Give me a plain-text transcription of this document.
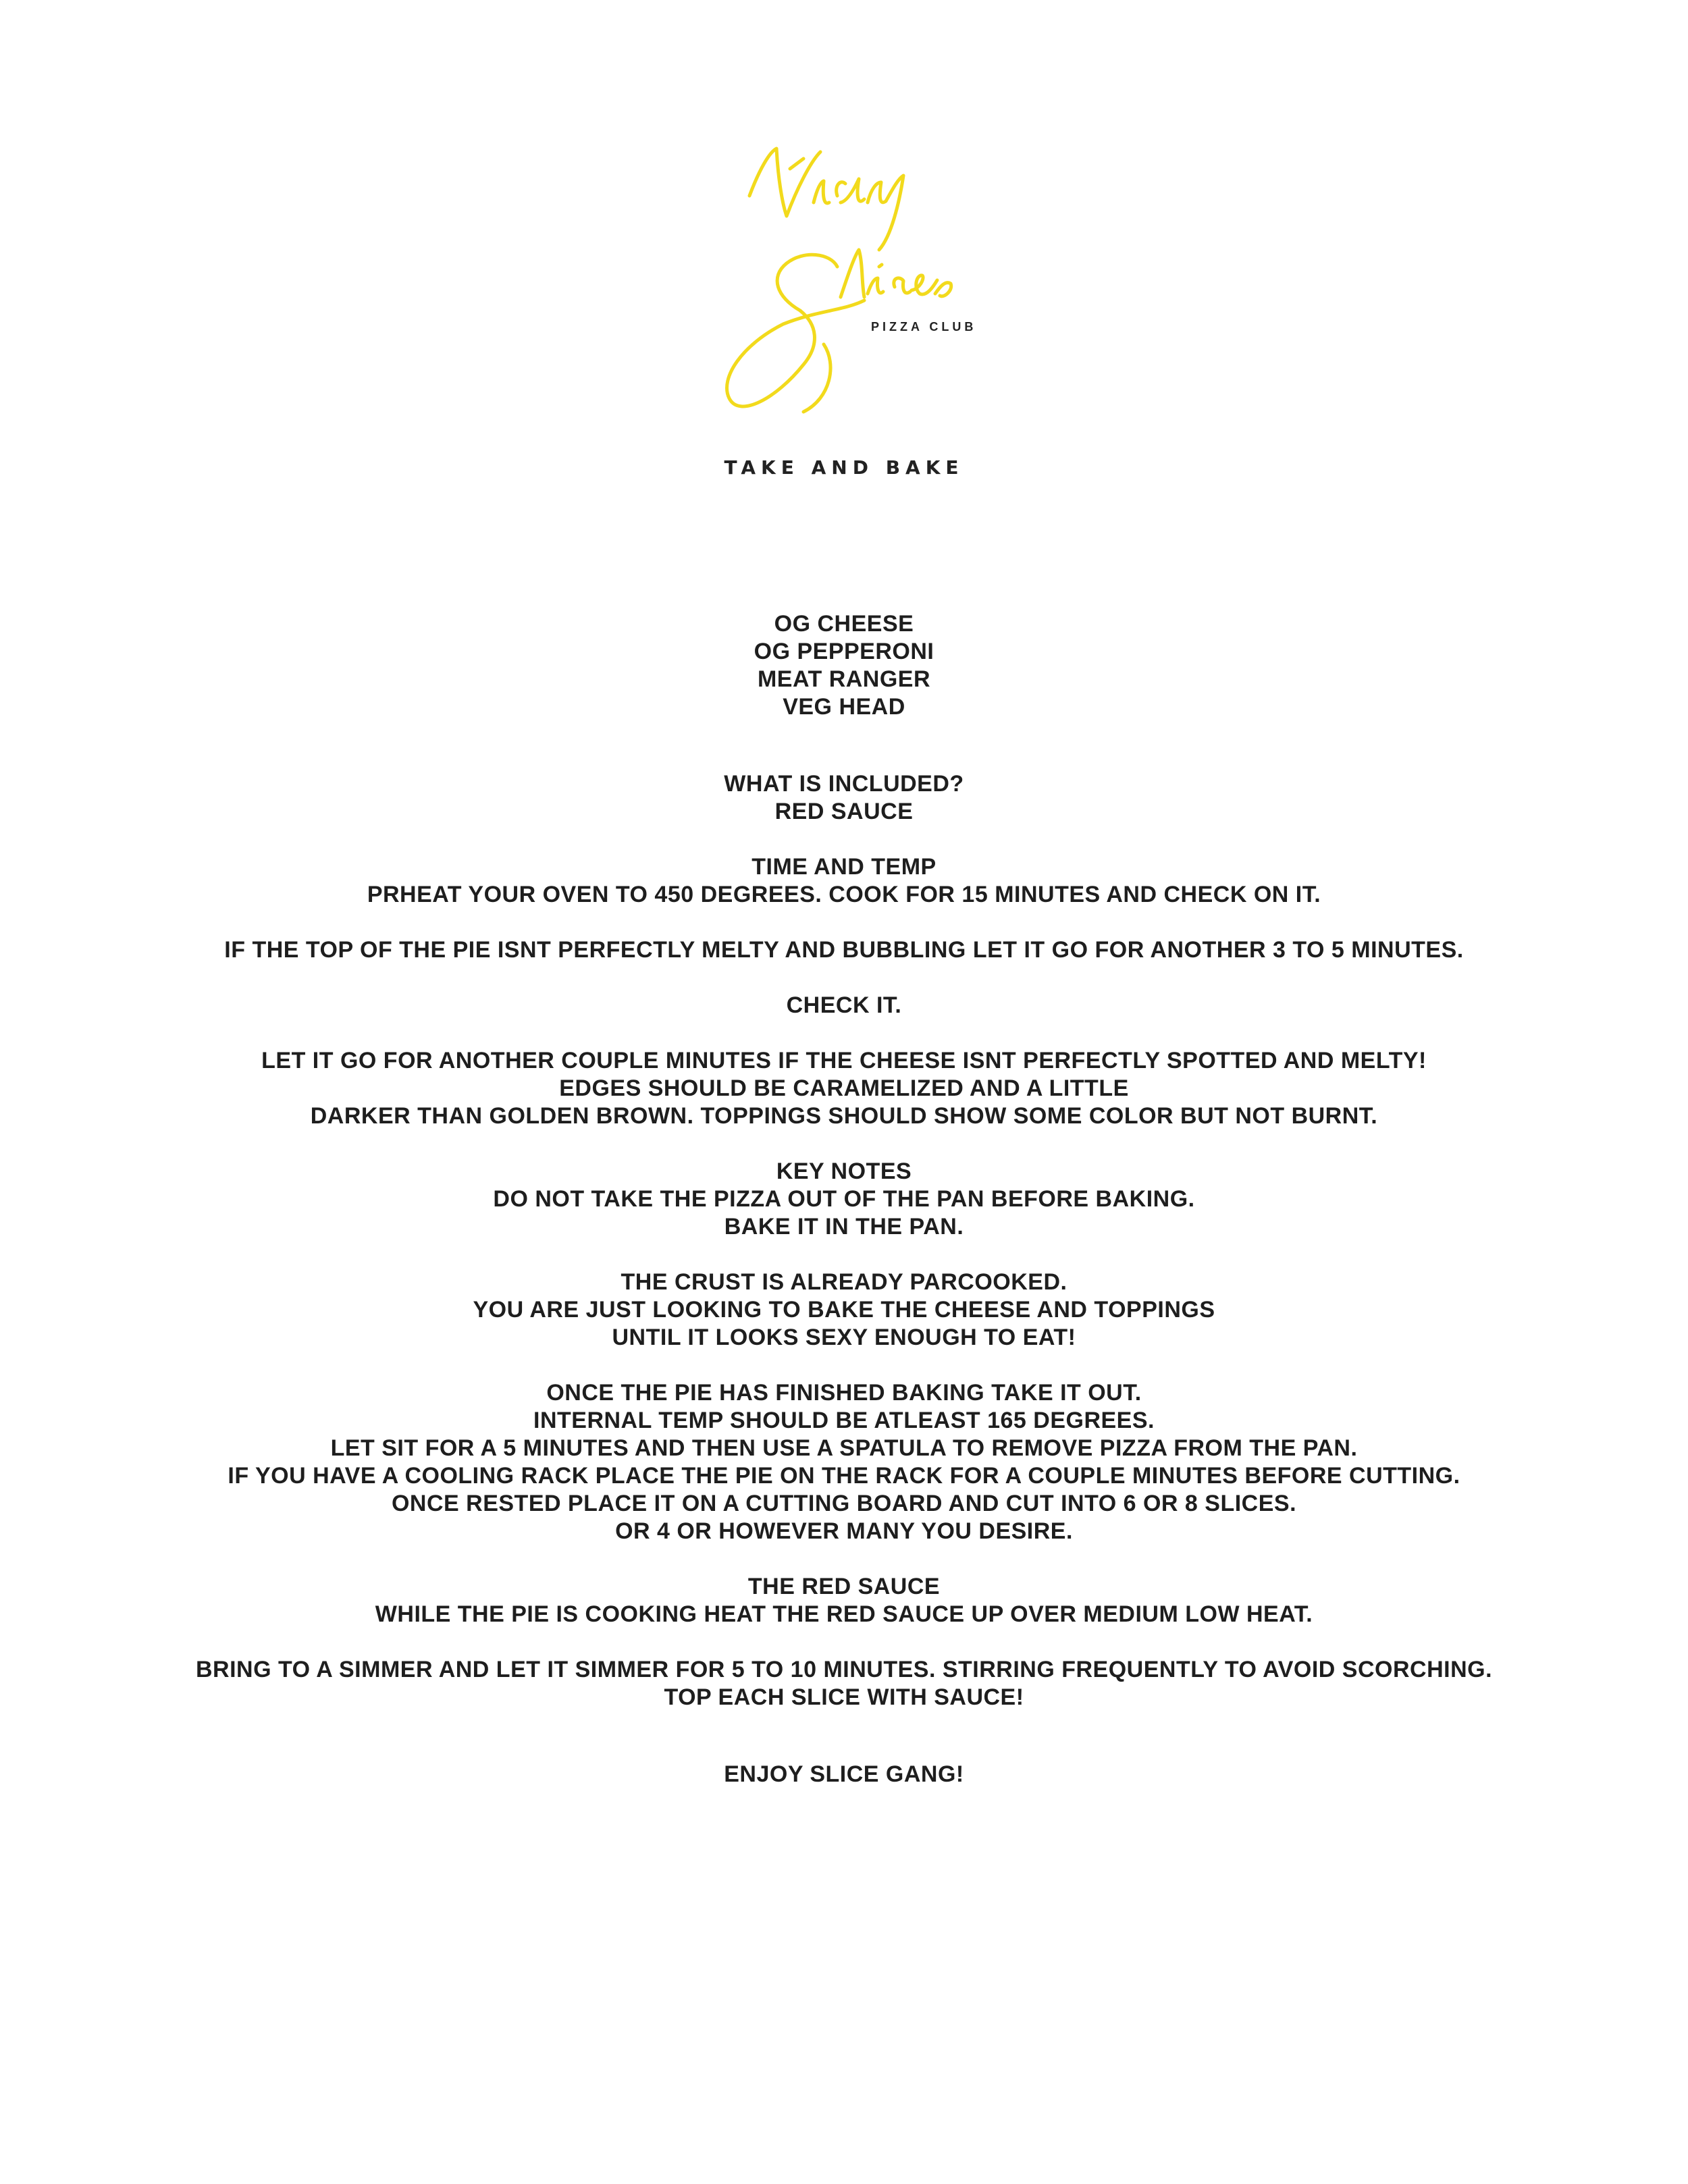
PIZZA CLUB
TAKE AND BAKE
OG CHEESE
OG PEPPERONI
MEAT RANGER
VEG HEAD
WHAT IS INCLUDED?
RED SAUCE
TIME AND TEMP
PRHEAT YOUR OVEN TO 450 DEGREES. COOK FOR 15 MINUTES AND CHECK ON IT.
IF THE TOP OF THE PIE ISNT PERFECTLY MELTY AND BUBBLING LET IT GO FOR ANOTHER 3 TO 5 MINUTES.
CHECK IT.
LET IT GO FOR ANOTHER COUPLE MINUTES IF THE CHEESE ISNT PERFECTLY SPOTTED AND MELTY!
EDGES SHOULD BE CARAMELIZED AND A LITTLE
DARKER THAN GOLDEN BROWN. TOPPINGS SHOULD SHOW SOME COLOR BUT NOT BURNT.
KEY NOTES
DO NOT TAKE THE PIZZA OUT OF THE PAN BEFORE BAKING.
BAKE IT IN THE PAN.
THE CRUST IS ALREADY PARCOOKED.
YOU ARE JUST LOOKING TO BAKE THE CHEESE AND TOPPINGS
UNTIL IT LOOKS SEXY ENOUGH TO EAT!
ONCE THE PIE HAS FINISHED BAKING TAKE IT OUT.
INTERNAL TEMP SHOULD BE ATLEAST 165 DEGREES.
LET SIT FOR A 5 MINUTES AND THEN USE A SPATULA TO REMOVE PIZZA FROM THE PAN.
IF YOU HAVE A COOLING RACK PLACE THE PIE ON THE RACK FOR A COUPLE MINUTES BEFORE CUTTING.
ONCE RESTED PLACE IT ON A CUTTING BOARD AND CUT INTO 6 OR 8 SLICES.
OR 4 OR HOWEVER MANY YOU DESIRE.
THE RED SAUCE
WHILE THE PIE IS COOKING HEAT THE RED SAUCE UP OVER MEDIUM LOW HEAT.
BRING TO A SIMMER AND LET IT SIMMER FOR 5 TO 10 MINUTES. STIRRING FREQUENTLY TO AVOID SCORCHING.
TOP EACH SLICE WITH SAUCE!
ENJOY SLICE GANG!
